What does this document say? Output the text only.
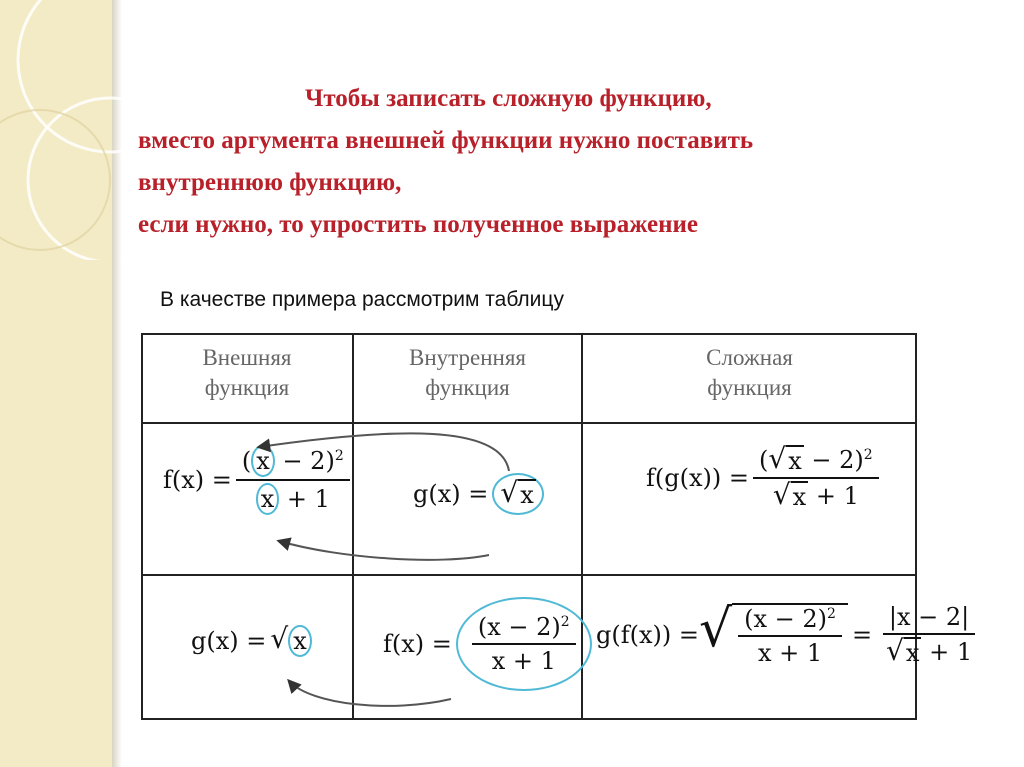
Чтобы записать сложную функцию,
вместо аргумента внешней функции нужно поставить
внутреннюю функцию,
если нужно, то упростить полученное выражение

В качестве примера рассмотрим таблицу

Внешняя
функция
Внутренняя
функция
Сложная
функция
$f(x) = \frac{( x - 2)^2}{x + 1}$	g(x) = √ x
$f(g(x)) = \frac{( √ x - 2)^2}{√ x + 1}$
g(x) = √ x	$f(x) = \frac{(x - 2)^2}{x + 1} g(f(x))$ = √ $\frac{(x - 2)^2}{x + 1} = \frac{|x - 2|}{√ x + 1}$
